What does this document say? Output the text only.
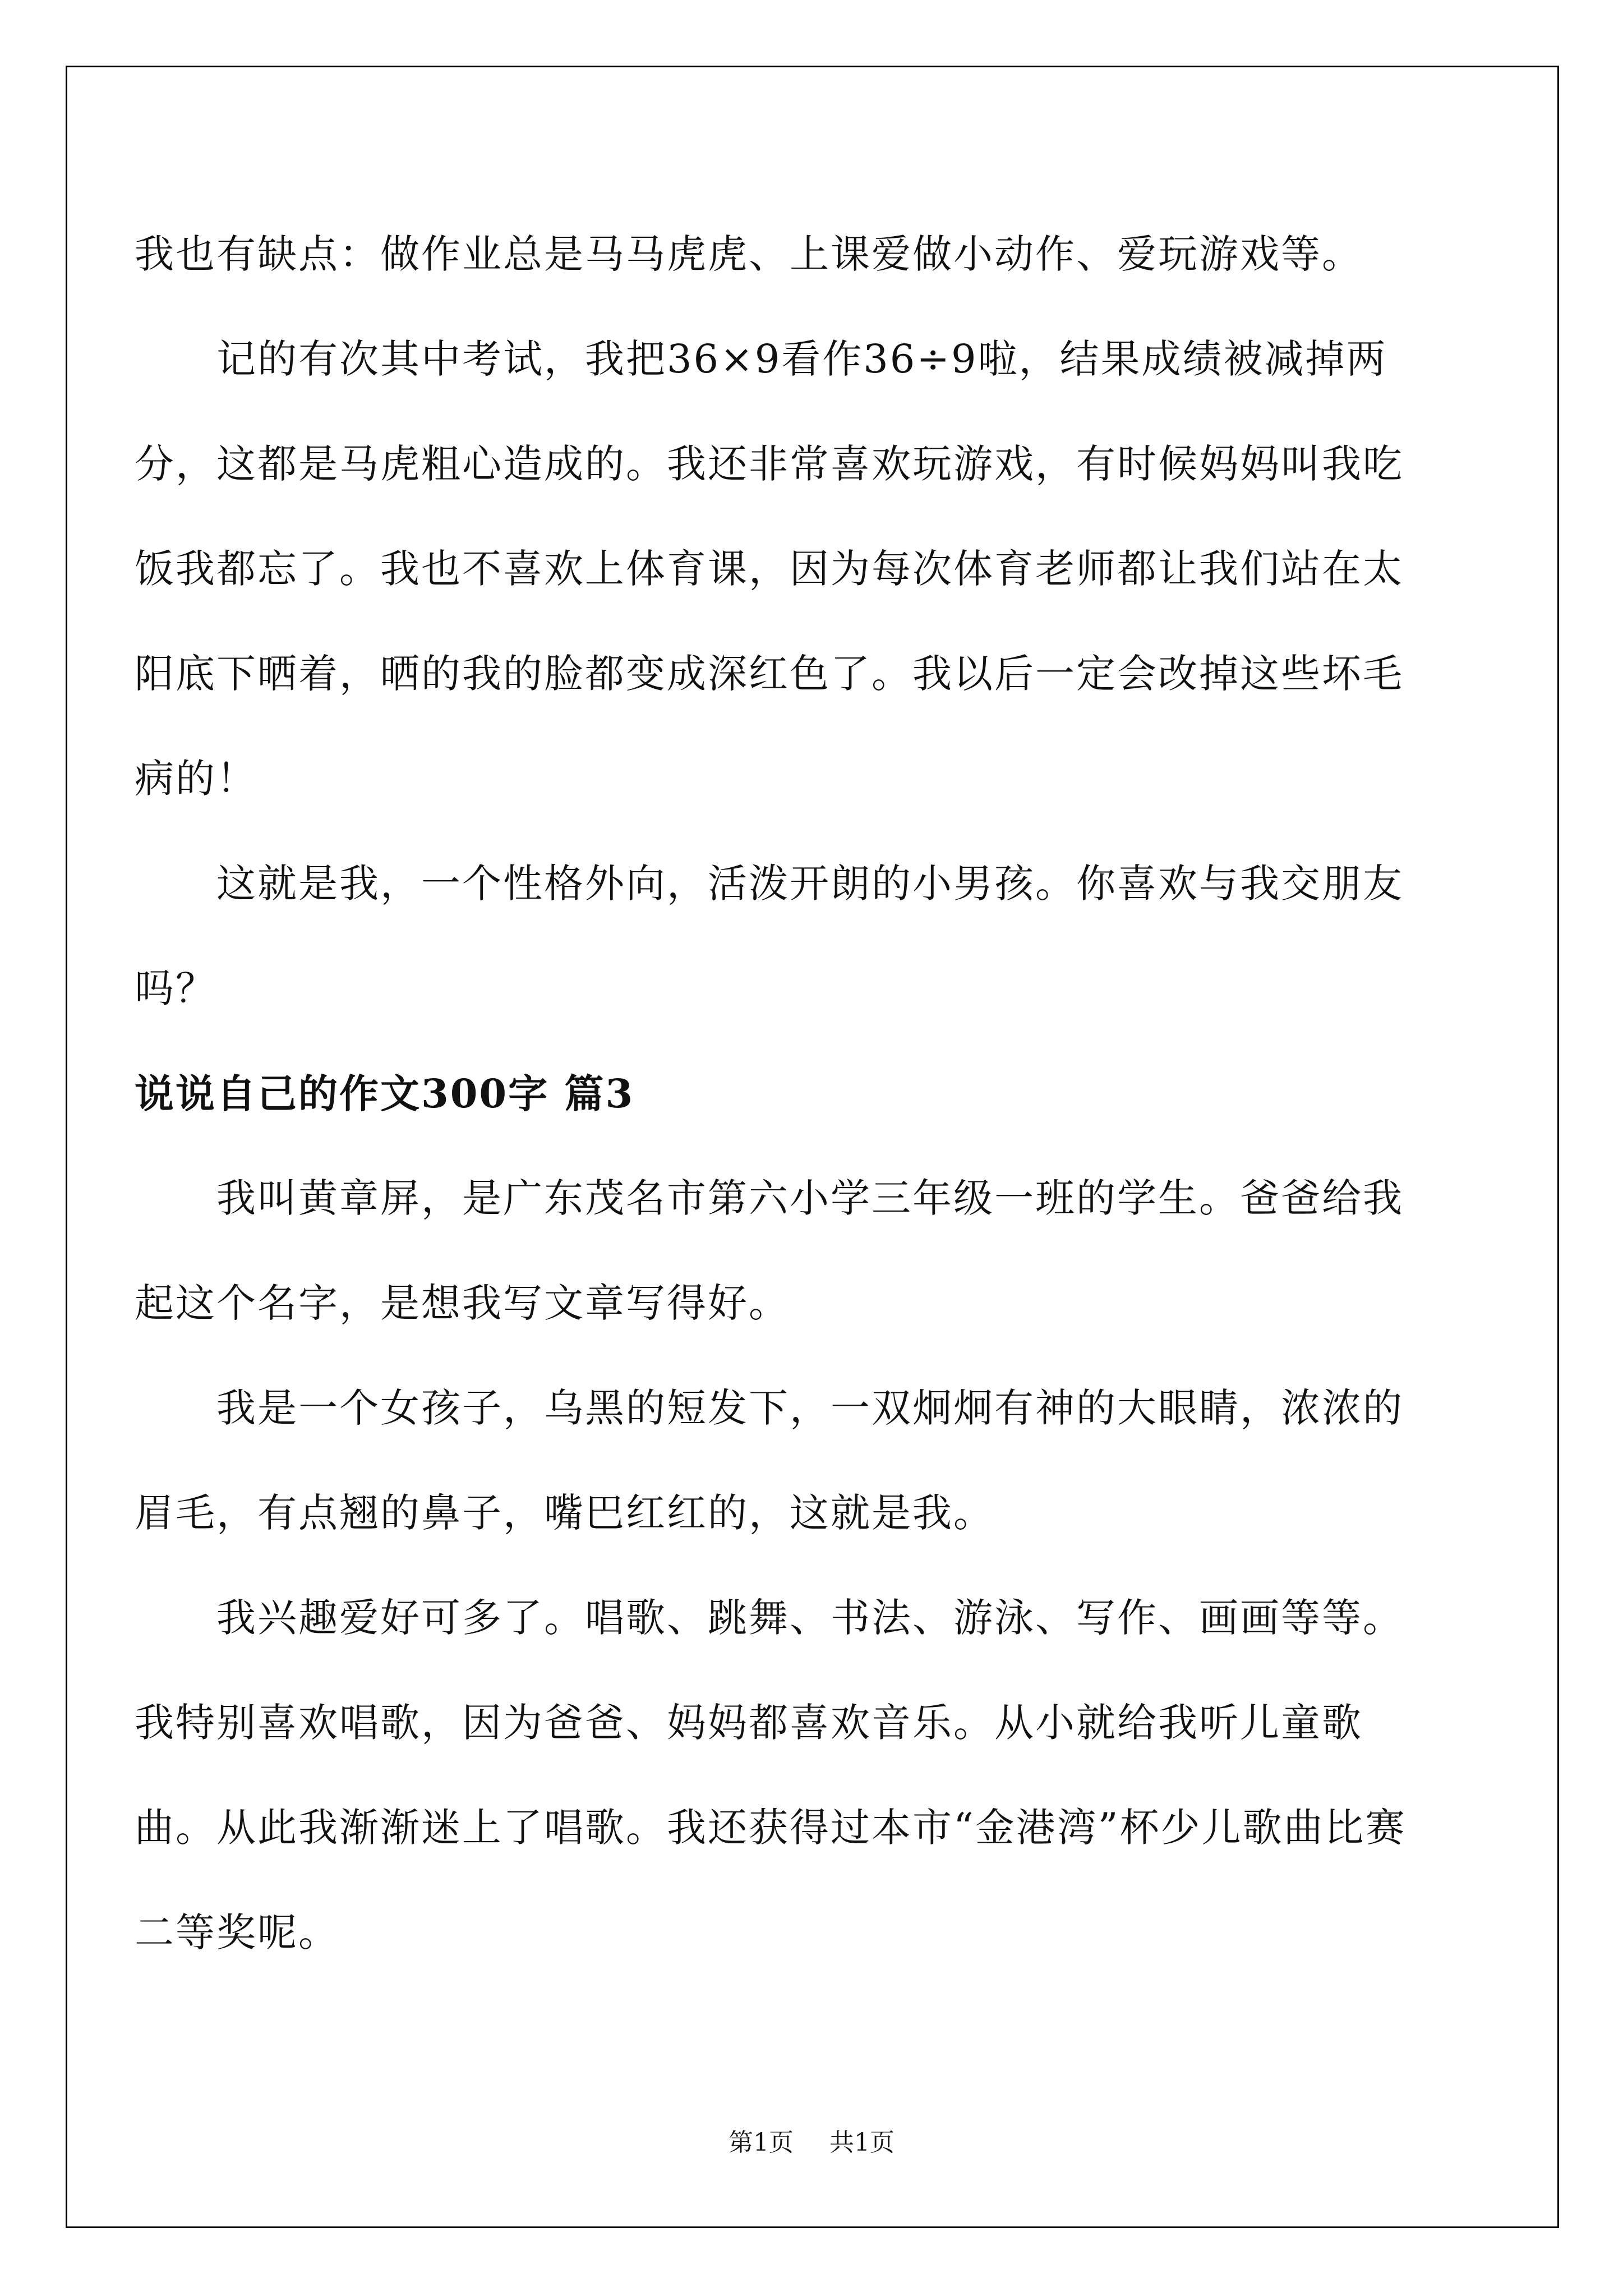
我也有缺点：做作业总是马马虎虎、上课爱做小动作、爱玩游戏等。

记的有次其中考试，我把36×9看作36÷9啦，结果成绩被减掉两分，这都是马虎粗心造成的。我还非常喜欢玩游戏，有时候妈妈叫我吃饭我都忘了。我也不喜欢上体育课，因为每次体育老师都让我们站在太阳底下晒着，晒的我的脸都变成深红色了。我以后一定会改掉这些坏毛病的！

这就是我，一个性格外向，活泼开朗的小男孩。你喜欢与我交朋友吗？

说说自己的作文300字 篇3

我叫黄章屏，是广东茂名市第六小学三年级一班的学生。爸爸给我起这个名字，是想我写文章写得好。

我是一个女孩子，乌黑的短发下，一双炯炯有神的大眼睛，浓浓的眉毛，有点翘的鼻子，嘴巴红红的，这就是我。

我兴趣爱好可多了。唱歌、跳舞、书法、游泳、写作、画画等等。我特别喜欢唱歌，因为爸爸、妈妈都喜欢音乐。从小就给我听儿童歌曲。从此我渐渐迷上了唱歌。我还获得过本市“金港湾”杯少儿歌曲比赛二等奖呢。

第1页 共1页
